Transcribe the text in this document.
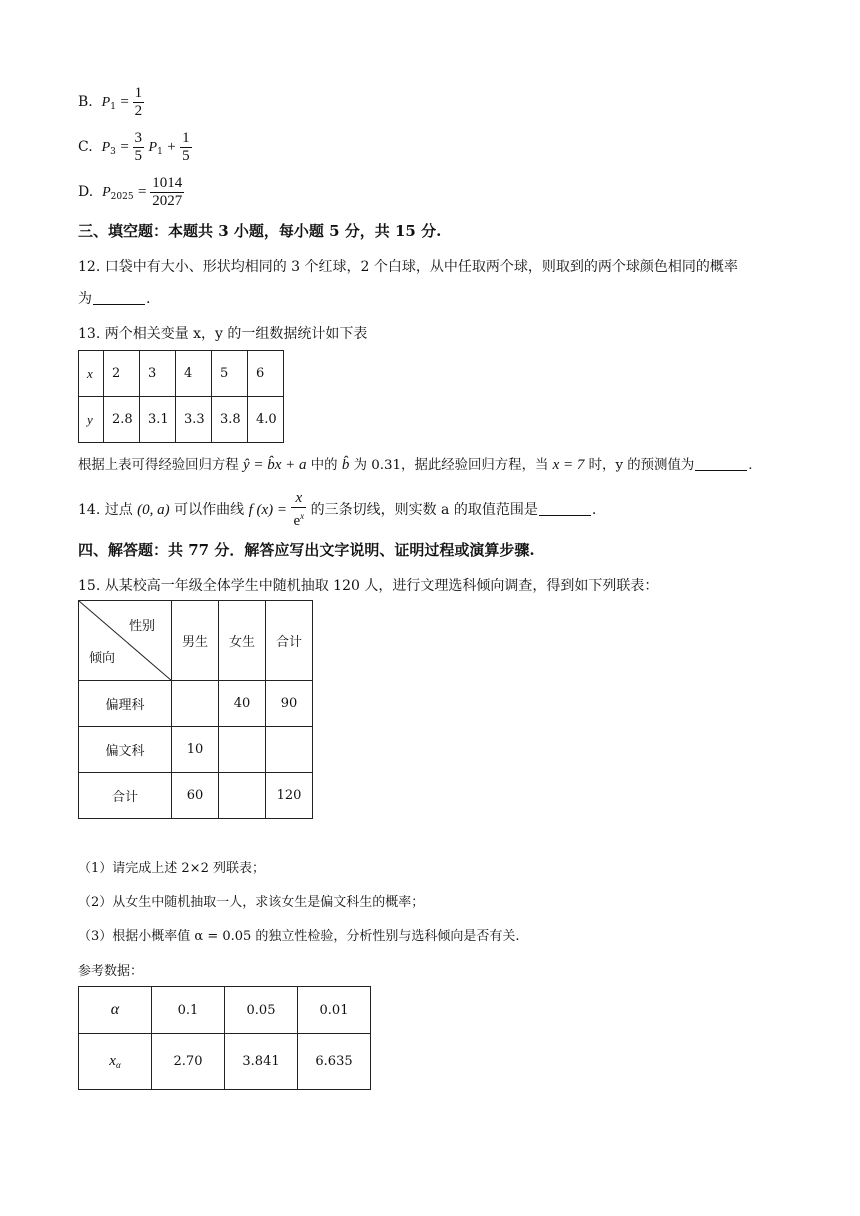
B. $P_1 = \frac{1}{2}$
C. $P_3 = \frac{3}{5} P_1 + \frac{1}{5}$
D. $P_{2025} = \frac{1014}{2027}$
三、填空题：本题共 3 小题，每小题 5 分，共 15 分.
12. 口袋中有大小、形状均相同的 3 个红球，2 个白球，从中任取两个球，则取到的两个球颜色相同的概率
为	.
13. 两个相关变量 x，y 的一组数据统计如下表
x	2	3	4	5	6
y	2.8	3.1	3.3	3.8	4.0
根据上表可得经验回归方程 ŷ = b̂x + a 中的 b̂ 为 0.31，据此经验回归方程，当 x = 7 时，y 的预测值为	.
14. 过点 (0, a) 可以作曲线 f $(x) = \frac{x}{e^x}$ 的三条切线，则实数 a 的取值范围是	.
四、解答题：共 77 分．解答应写出文字说明、证明过程或演算步骤.
15. 从某校高一年级全体学生中随机抽取 120 人，进行文理选科倾向调查，得到如下列联表：
性别
倾向	男生	女生	合计
偏理科		40	90
偏文科	10		
合计	60		120
（1）请完成上述 2×2 列联表；
（2）从女生中随机抽取一人，求该女生是偏文科生的概率；
（3）根据小概率值 α = 0.05 的独立性检验，分析性别与选科倾向是否有关.
参考数据：
α	0.1	0.05	0.01
$x_\alpha$	2.70	3.841	6.635
